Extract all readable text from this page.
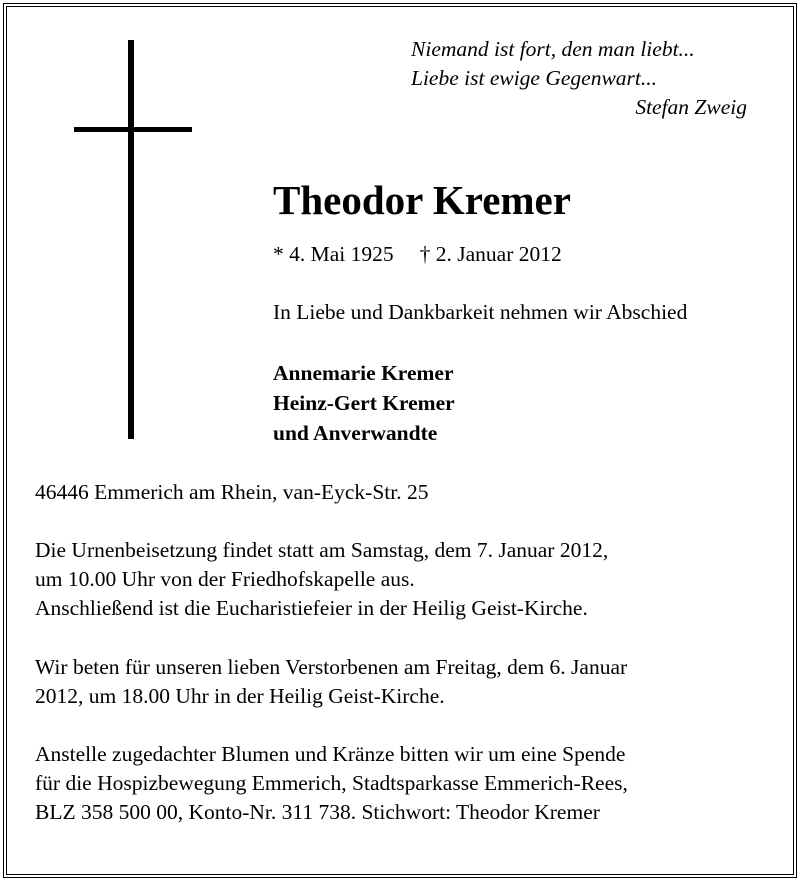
Niemand ist fort, den man liebt...
Liebe ist ewige Gegenwart...
Stefan Zweig
Theodor Kremer
* 4. Mai 1925 † 2. Januar 2012
In Liebe und Dankbarkeit nehmen wir Abschied
Annemarie Kremer
Heinz-Gert Kremer
und Anverwandte
46446 Emmerich am Rhein, van-Eyck-Str. 25
Die Urnenbeisetzung findet statt am Samstag, dem 7. Januar 2012,
um 10.00 Uhr von der Friedhofskapelle aus.
Anschließend ist die Eucharistiefeier in der Heilig Geist-Kirche.
Wir beten für unseren lieben Verstorbenen am Freitag, dem 6. Januar
2012, um 18.00 Uhr in der Heilig Geist-Kirche.
Anstelle zugedachter Blumen und Kränze bitten wir um eine Spende
für die Hospizbewegung Emmerich, Stadtsparkasse Emmerich-Rees,
BLZ 358 500 00, Konto-Nr. 311 738. Stichwort: Theodor Kremer
